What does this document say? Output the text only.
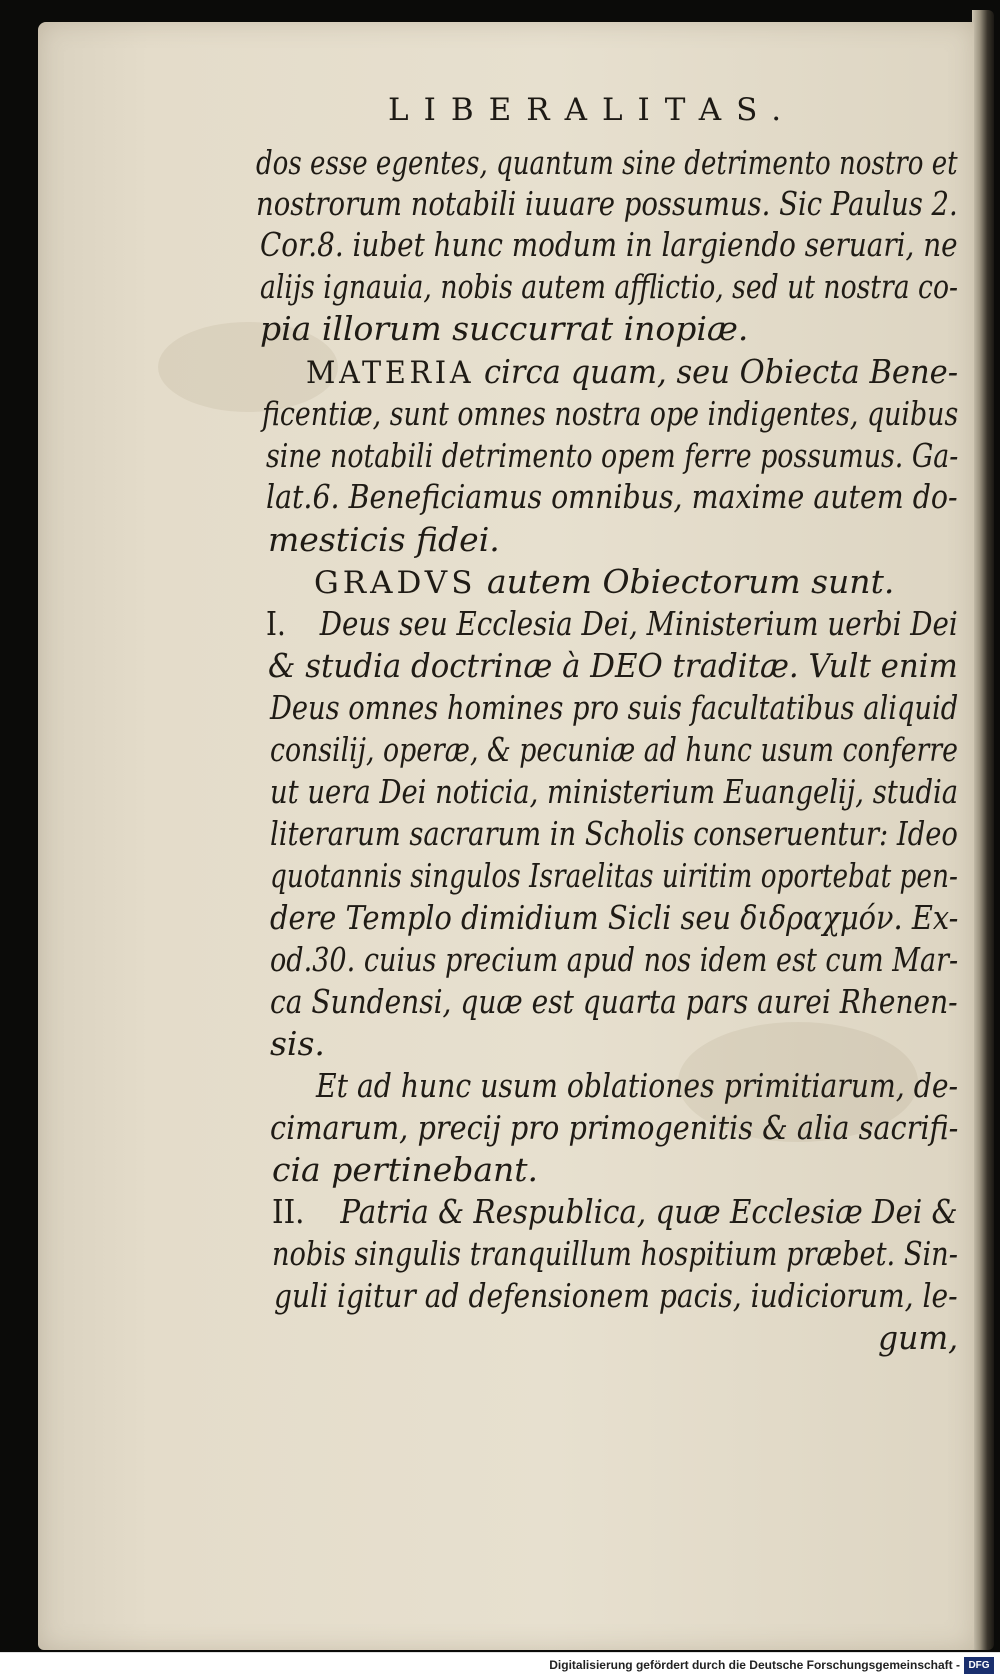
LIBERALITAS.
dos esse egentes, quantum sine detrimento nostro et
nostrorum notabili iuuare possumus. Sic Paulus 2.
Cor.8. iubet hunc modum in largiendo seruari, ne
alijs ignauia, nobis autem afflictio, sed ut nostra co-
pia illorum succurrat inopiæ.
MATERIA circa quam, seu Obiecta Bene-
ficentiæ, sunt omnes nostra ope indigentes, quibus
sine notabili detrimento opem ferre possumus. Ga-
lat.6. Beneficiamus omnibus, maxime autem do-
mesticis fidei.
GRADVS autem Obiectorum sunt.
I. Deus seu Ecclesia Dei, Ministerium uerbi Dei
& studia doctrinæ à DEO traditæ. Vult enim
Deus omnes homines pro suis facultatibus aliquid
consilij, operæ, & pecuniæ ad hunc usum conferre
ut uera Dei noticia, ministerium Euangelij, studia
literarum sacrarum in Scholis conseruentur: Ideo
quotannis singulos Israelitas uiritim oportebat pen-
dere Templo dimidium Sicli seu διδραχμόν. Ex-
od.30. cuius precium apud nos idem est cum Mar-
ca Sundensi, quæ est quarta pars aurei Rhenen-
sis.
Et ad hunc usum oblationes primitiarum, de-
cimarum, precij pro primogenitis & alia sacrifi-
cia pertinebant.
II. Patria & Respublica, quæ Ecclesiæ Dei &
nobis singulis tranquillum hospitium præbet. Sin-
guli igitur ad defensionem pacis, iudiciorum, le-
gum,
Digitalisierung gefördert durch die Deutsche Forschungsgemeinschaft - DFG
